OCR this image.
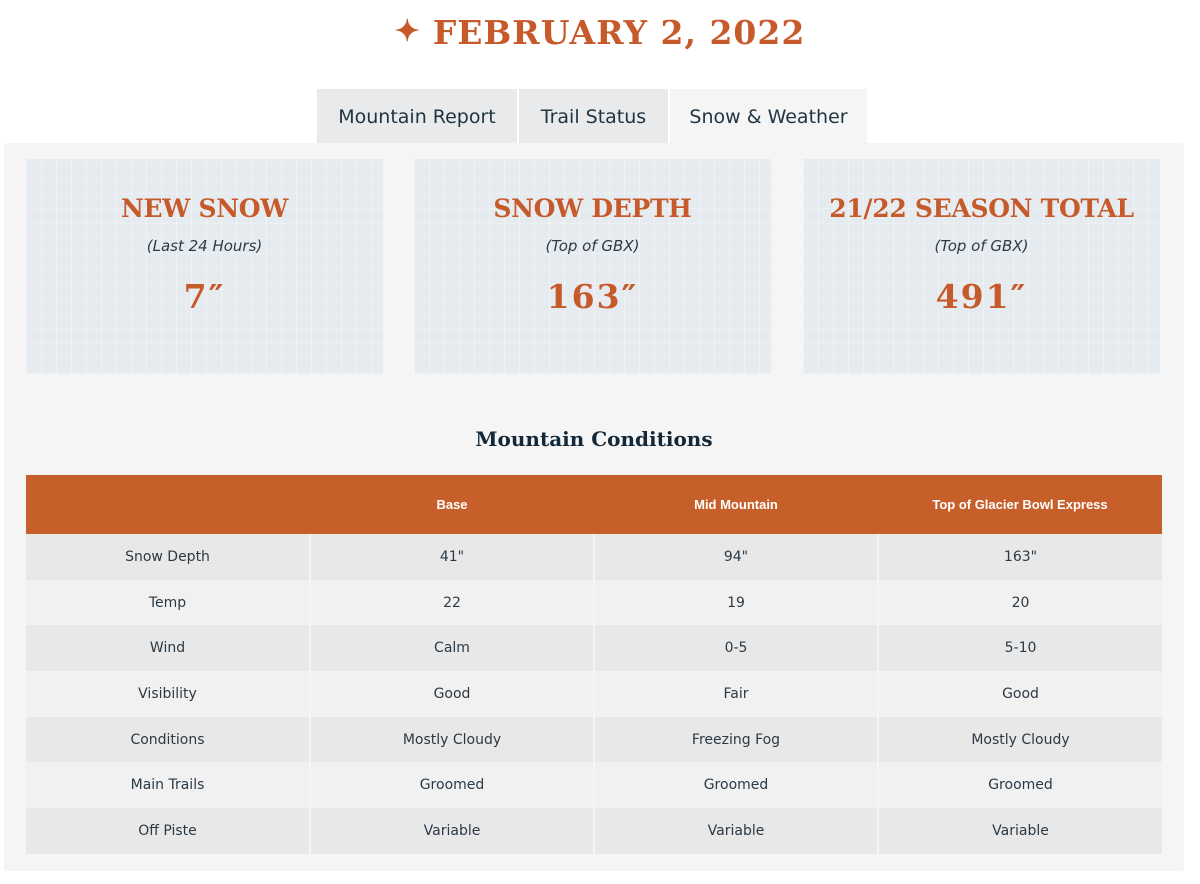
✦ FEBRUARY 2, 2022
Mountain Report	Trail Status	Snow & Weather
NEW SNOW
(Last 24 Hours)
7″
SNOW DEPTH
(Top of GBX)
163″
21/22 SEASON TOTAL
(Top of GBX)
491″
Mountain Conditions
	Base	Mid Mountain	Top of Glacier Bowl Express
Snow Depth	41"	94"	163"
Temp	22	19	20
Wind	Calm	0-5	5-10
Visibility	Good	Fair	Good
Conditions	Mostly Cloudy	Freezing Fog	Mostly Cloudy
Main Trails	Groomed	Groomed	Groomed
Off Piste	Variable	Variable	Variable
